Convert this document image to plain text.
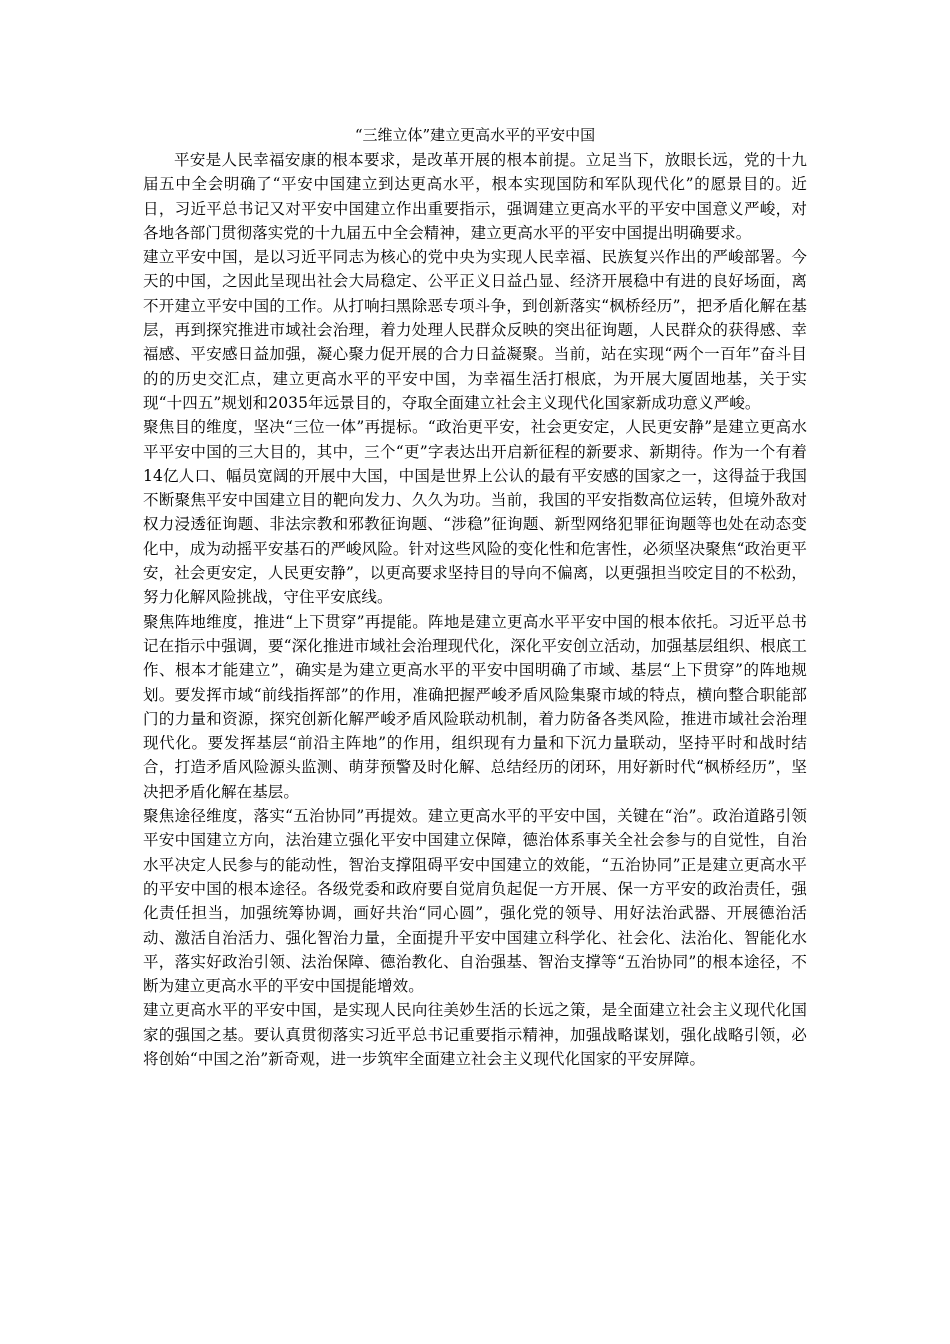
“三维立体”建立更高水平的平安中国

平安是人民幸福安康的根本要求，是改革开展的根本前提。立足当下，放眼长远，党的十九届五中全会明确了“平安中国建立到达更高水平，根本实现国防和军队现代化”的愿景目的。近日，习近平总书记又对平安中国建立作出重要指示，强调建立更高水平的平安中国意义严峻，对各地各部门贯彻落实党的十九届五中全会精神，建立更高水平的平安中国提出明确要求。

建立平安中国，是以习近平同志为核心的党中央为实现人民幸福、民族复兴作出的严峻部署。今天的中国，之因此呈现出社会大局稳定、公平正义日益凸显、经济开展稳中有进的良好场面，离不开建立平安中国的工作。从打响扫黑除恶专项斗争，到创新落实“枫桥经历”，把矛盾化解在基层，再到探究推进市域社会治理，着力处理人民群众反映的突出征询题，人民群众的获得感、幸福感、平安感日益加强，凝心聚力促开展的合力日益凝聚。当前，站在实现“两个一百年”奋斗目的的历史交汇点，建立更高水平的平安中国，为幸福生活打根底，为开展大厦固地基，关于实现“十四五”规划和2035年远景目的，夺取全面建立社会主义现代化国家新成功意义严峻。

聚焦目的维度，坚决“三位一体”再提标。“政治更平安，社会更安定，人民更安静”是建立更高水平平安中国的三大目的，其中，三个“更”字表达出开启新征程的新要求、新期待。作为一个有着14亿人口、幅员宽阔的开展中大国，中国是世界上公认的最有平安感的国家之一，这得益于我国不断聚焦平安中国建立目的靶向发力、久久为功。当前，我国的平安指数高位运转，但境外敌对权力浸透征询题、非法宗教和邪教征询题、“涉稳”征询题、新型网络犯罪征询题等也处在动态变化中，成为动摇平安基石的严峻风险。针对这些风险的变化性和危害性，必须坚决聚焦“政治更平安，社会更安定，人民更安静”，以更高要求坚持目的导向不偏离，以更强担当咬定目的不松劲，努力化解风险挑战，守住平安底线。

聚焦阵地维度，推进“上下贯穿”再提能。阵地是建立更高水平平安中国的根本依托。习近平总书记在指示中强调，要“深化推进市域社会治理现代化，深化平安创立活动，加强基层组织、根底工作、根本才能建立”，确实是为建立更高水平的平安中国明确了市域、基层“上下贯穿”的阵地规划。要发挥市域“前线指挥部”的作用，准确把握严峻矛盾风险集聚市域的特点，横向整合职能部门的力量和资源，探究创新化解严峻矛盾风险联动机制，着力防备各类风险，推进市域社会治理现代化。要发挥基层“前沿主阵地”的作用，组织现有力量和下沉力量联动，坚持平时和战时结合，打造矛盾风险源头监测、萌芽预警及时化解、总结经历的闭环，用好新时代“枫桥经历”，坚决把矛盾化解在基层。

聚焦途径维度，落实“五治协同”再提效。建立更高水平的平安中国，关键在“治”。政治道路引领平安中国建立方向，法治建立强化平安中国建立保障，德治体系事关全社会参与的自觉性，自治水平决定人民参与的能动性，智治支撑阻碍平安中国建立的效能，“五治协同”正是建立更高水平的平安中国的根本途径。各级党委和政府要自觉肩负起促一方开展、保一方平安的政治责任，强化责任担当，加强统筹协调，画好共治“同心圆”，强化党的领导、用好法治武器、开展德治活动、激活自治活力、强化智治力量，全面提升平安中国建立科学化、社会化、法治化、智能化水平，落实好政治引领、法治保障、德治教化、自治强基、智治支撑等“五治协同”的根本途径，不断为建立更高水平的平安中国提能增效。

建立更高水平的平安中国，是实现人民向往美妙生活的长远之策，是全面建立社会主义现代化国家的强国之基。要认真贯彻落实习近平总书记重要指示精神，加强战略谋划，强化战略引领，必将创始“中国之治”新奇观，进一步筑牢全面建立社会主义现代化国家的平安屏障。
